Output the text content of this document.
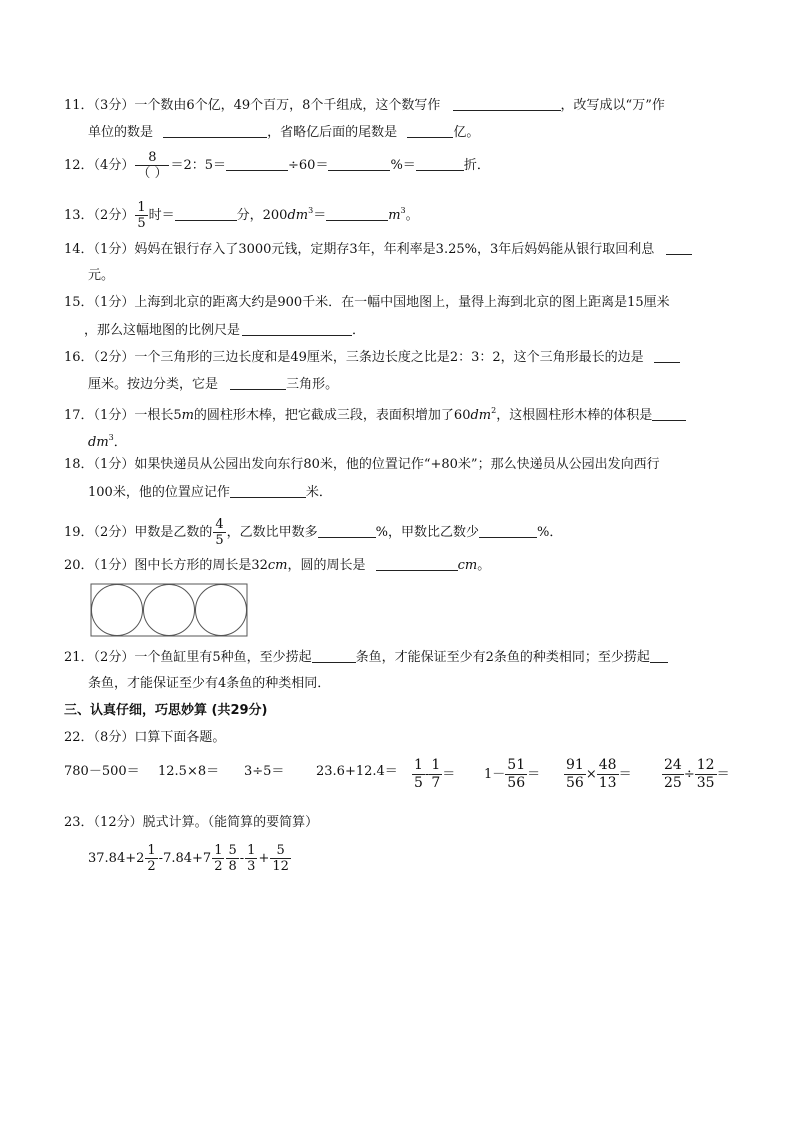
11．（3分）一个数由6个亿，49个百万，8个千组成，这个数写作	，改写成以“万”作
单位的数是	，省略亿后面的尾数是	亿。
12．（4分） $\frac{8}{( )} =2$：5＝	÷60＝	%＝	折．
13．（2分） $\frac{1}{5}$ 时＝	分，$200dm^3=$	$m^3$。
14．（1分）妈妈在银行存入了3000元钱，定期存3年，年利率是3.25%，3年后妈妈能从银行取回利息
元。
15．（1分）上海到北京的距离大约是900千米．在一幅中国地图上，量得上海到北京的图上距离是15厘米
，那么这幅地图的比例尺是	．
16．（2分）一个三角形的三边长度和是49厘米，三条边长度之比是2：3：2，这个三角形最长的边是
厘米。按边分类，它是	三角形。
17．（1分）一根长5m的圆柱形木棒，把它截成三段，表面积增加了$60dm^2$，这根圆柱形木棒的体积是
$dm^3$．
18．（1分）如果快递员从公园出发向东行80米，他的位置记作“+80米”；那么快递员从公园出发向西行
100米，他的位置应记作	米．
19．（2分）甲数是乙数的 $\frac{4}{5}$ ，乙数比甲数多	%，甲数比乙数少	%．
20．（1分）图中长方形的周长是32cm，圆的周长是	cm。
21．（2分）一个鱼缸里有5种鱼，至少捞起	条鱼，才能保证至少有2条鱼的种类相同；至少捞起
条鱼，才能保证至少有4条鱼的种类相同．
三、认真仔细，巧思妙算 (共29分)
22．（8分）口算下面各题。
$780-500= 12.5\times 8= 3\div 5= 23.6+12.4= \frac{1}{5} - \frac{1}{7} = 1- \frac{51}{56} = \frac{91}{56} \times \frac{48}{13} = \frac{24}{25} \div \frac{12}{35}$ ＝
23．（12分）脱式计算。（能简算的要简算）
$37.84+2 \frac{1}{2} -7.84+7 \frac{1}{2} \frac{5}{8} - \frac{1}{3} + \frac{5}{12}$
